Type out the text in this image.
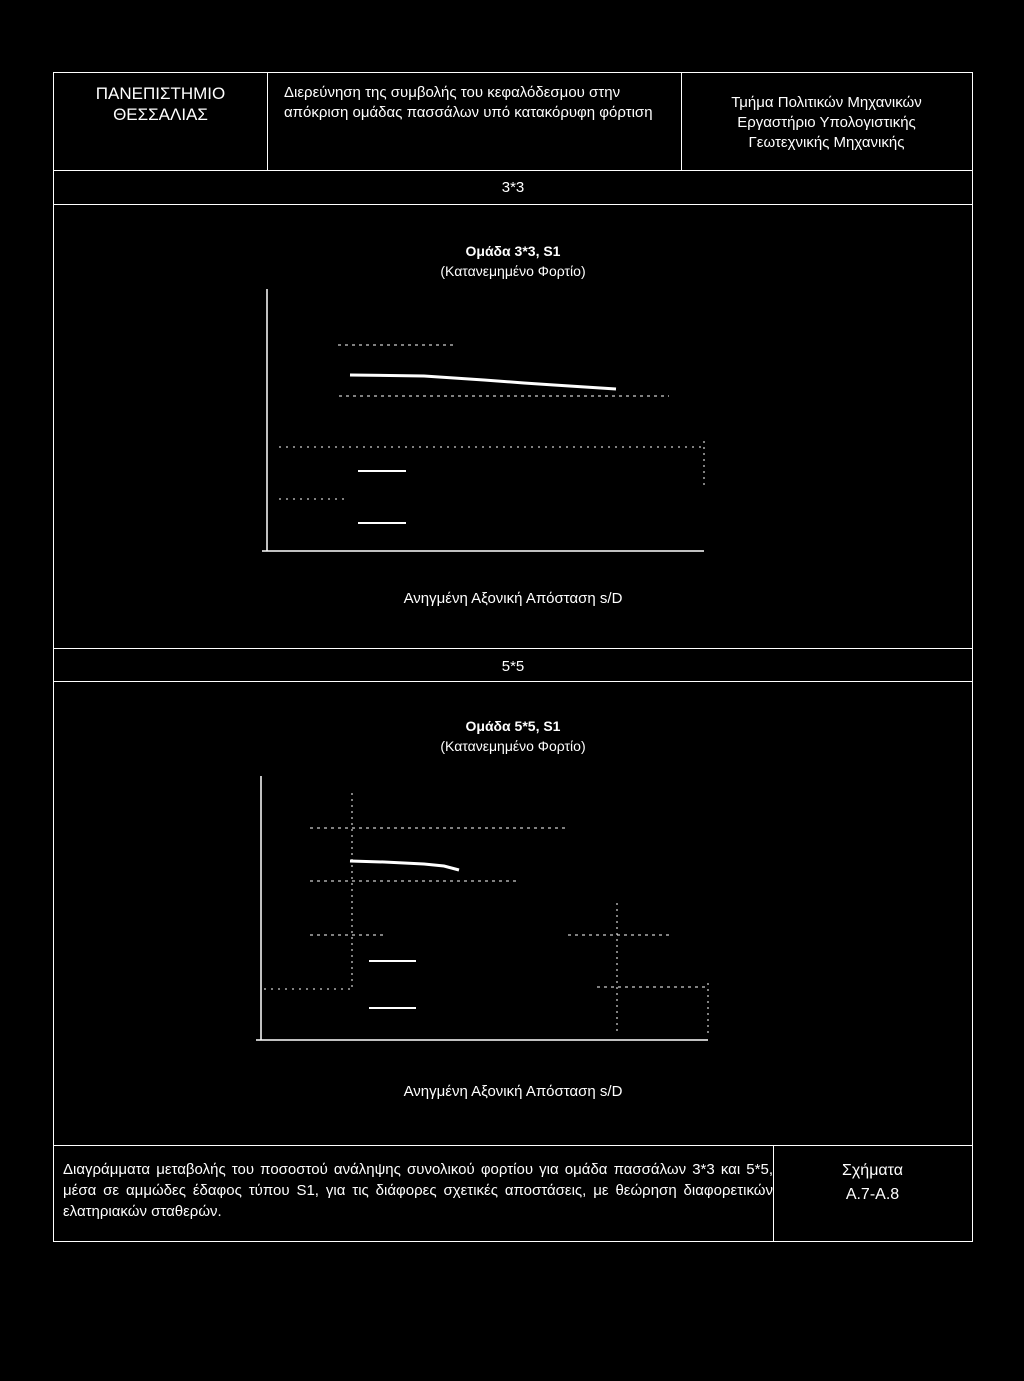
ΠΑΝΕΠΙΣΤΗΜΙΟ ΘΕΣΣΑΛΙΑΣ
Διερεύνηση της συμβολής του κεφαλόδεσμου στην απόκριση ομάδας πασσάλων υπό κατακόρυφη φόρτιση
Τμήμα Πολιτικών Μηχανικών
Εργαστήριο Υπολογιστικής
Γεωτεχνικής Μηχανικής
3*3
Ομάδα 3*3, S1
(Κατανεμημένο Φορτίο)
Ανηγμένη Αξονική Απόσταση s/D
5*5
Ομάδα 5*5, S1
(Κατανεμημένο Φορτίο)
Ανηγμένη Αξονική Απόσταση s/D
Διαγράμματα μεταβολής του ποσοστού ανάληψης συνολικού φορτίου για ομάδα πασσάλων 3*3 και 5*5, μέσα σε αμμώδες έδαφος τύπου S1, για τις διάφορες σχετικές αποστάσεις, με θεώρηση διαφορετικών ελατηριακών σταθερών.
Σχήματα
Α.7-Α.8
